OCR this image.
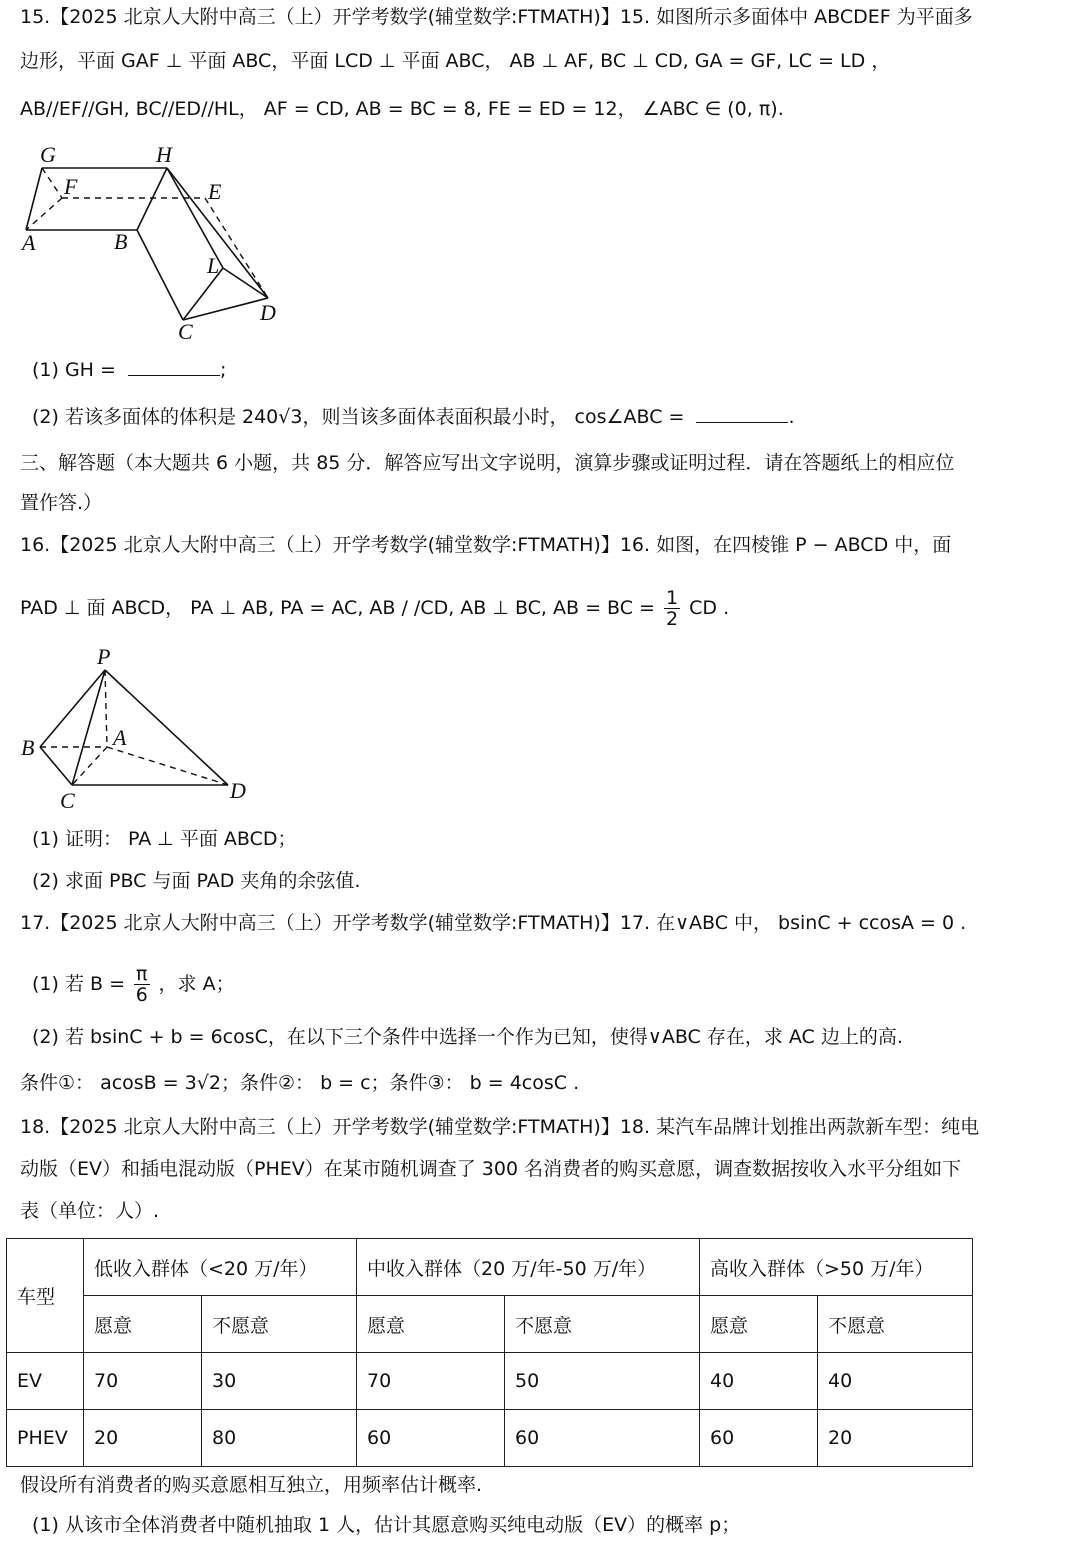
15.【2025 北京人大附中高三（上）开学考数学(辅堂数学:FTMATH)】15. 如图所示多面体中 ABCDEF 为平面多
边形，平面 GAF ⊥ 平面 ABC，平面 LCD ⊥ 平面 ABC， AB ⊥ AF, BC ⊥ CD, GA = GF, LC = LD ，
AB//EF//GH, BC//ED//HL， AF = CD, AB = BC = 8, FE = ED = 12， ∠ABC ∈ (0, π).
G	H
F	E
A	B
L
C
D
(1) GH =	;
(2) 若该多面体的体积是 240√3，则当该多面体表面积最小时， cos∠ABC =	.
三、解答题（本大题共 6 小题，共 85 分．解答应写出文字说明，演算步骤或证明过程．请在答题纸上的相应位
置作答.）
16.【2025 北京人大附中高三（上）开学考数学(辅堂数学:FTMATH)】16. 如图，在四棱锥 P − ABCD 中，面
PAD ⊥ 面 ABCD， PA ⊥ AB, PA = AC, AB / /CD, AB ⊥ BC, AB = BC = $\frac{1}{2}$ CD .
P
B	A
C	D
(1) 证明： PA ⊥ 平面 ABCD；
(2) 求面 PBC 与面 PAD 夹角的余弦值.
17.【2025 北京人大附中高三（上）开学考数学(辅堂数学:FTMATH)】17. 在∨ABC 中， bsinC + ccosA = 0 .
(1) 若 $B = \frac{\pi}{6}$ ，求 A；
(2) 若 bsinC + b = 6cosC，在以下三个条件中选择一个作为已知，使得∨ABC 存在，求 AC 边上的高.
条件①： acosB = 3√2；条件②： b = c；条件③： b = 4cosC .
18.【2025 北京人大附中高三（上）开学考数学(辅堂数学:FTMATH)】18. 某汽车品牌计划推出两款新车型：纯电
动版（EV）和插电混动版（PHEV）在某市随机调查了 300 名消费者的购买意愿，调查数据按收入水平分组如下
表（单位：人）.
车型	低收入群体（<20 万/年）		中收入群体（20 万/年-50 万/年）		高收入群体（>50 万/年）	
	愿意	不愿意	愿意	不愿意	愿意	不愿意
EV	70	30	70	50	40	40
PHEV	20	80	60	60	60	20
假设所有消费者的购买意愿相互独立，用频率估计概率.
(1) 从该市全体消费者中随机抽取 1 人，估计其愿意购买纯电动版（EV）的概率 p；
